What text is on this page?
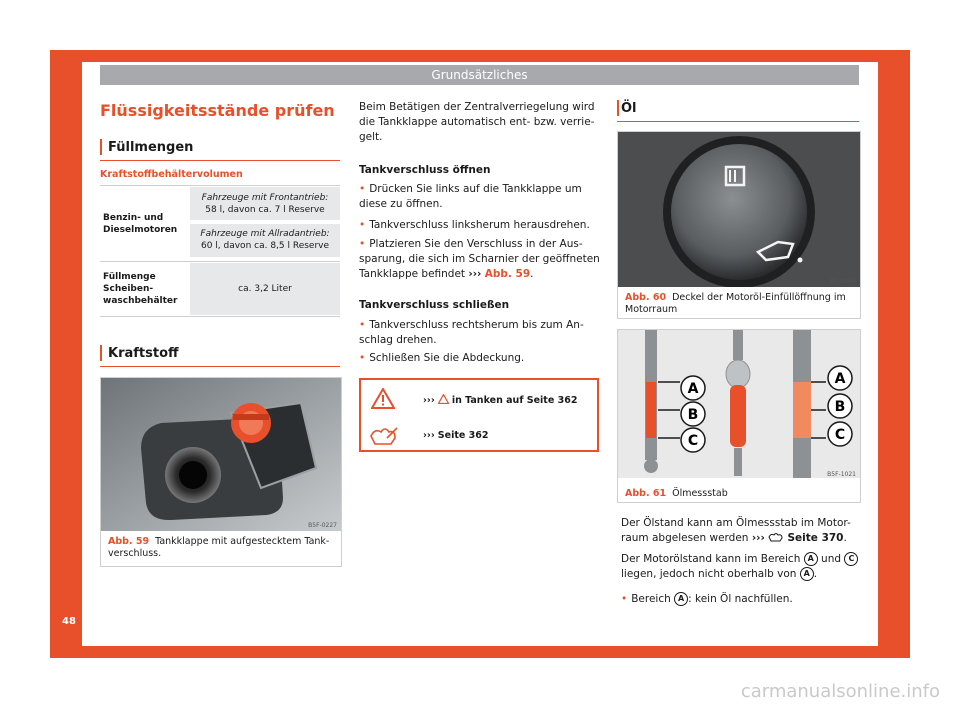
Grundsätzliches
48
Flüssigkeitsstände prüfen
Füllmengen
Kraftstoffbehältervolumen
Benzin- und
Dieselmotoren
Fahrzeuge mit Frontantrieb:
58 l, davon ca. 7 l Reserve
Fahrzeuge mit Allradantrieb:
60 l, davon ca. 8,5 l Reserve
Füllmenge
Scheiben-
waschbehälter
ca. 3,2 Liter
Kraftstoff
B5F-0227
Abb. 59 Tankklappe mit aufgestecktem Tank-
verschluss.
Beim Betätigen der Zentralverriegelung wird
die Tankklappe automatisch ent- bzw. verrie-
gelt.
Tankverschluss öffnen
• Drücken Sie links auf die Tankklappe um
diese zu öffnen.
• Tankverschluss linksherum herausdrehen.
• Platzieren Sie den Verschluss in der Aus-
sparung, die sich im Scharnier der geöffneten
Tankklappe befindet ››› Abb. 59.
Tankverschluss schließen
• Tankverschluss rechtsherum bis zum An-
schlag drehen.
• Schließen Sie die Abdeckung.
››› in Tanken auf Seite 362
››› Seite 362
Öl
BFJ-0140
Abb. 60 Deckel der Motoröl-Einfüllöffnung im
Motorraum
A
B
C
A
B
C
B5F-1021
Abb. 61 Ölmessstab
Der Ölstand kann am Ölmessstab im Motor-
raum abgelesen werden ››› Seite 370.
Der Motorölstand kann im Bereich A und C
liegen, jedoch nicht oberhalb von A .
• Bereich A : kein Öl nachfüllen.
carmanualsonline.info
